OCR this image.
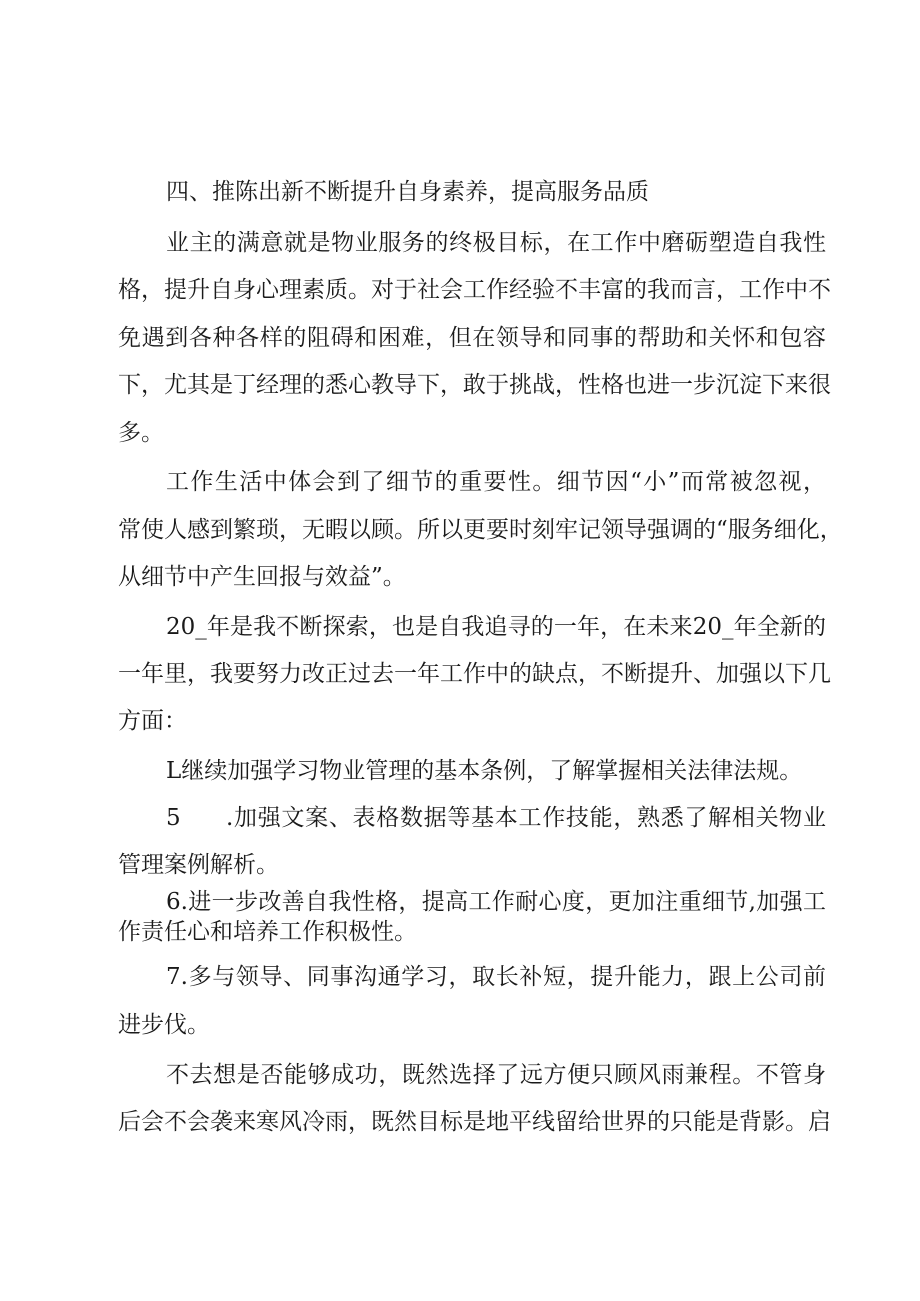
四、推陈出新不断提升自身素养，提高服务品质
业主的满意就是物业服务的终极目标，在工作中磨砺塑造自我性
格，提升自身心理素质。对于社会工作经验不丰富的我而言，工作中不
免遇到各种各样的阻碍和困难，但在领导和同事的帮助和关怀和包容
下，尤其是丁经理的悉心教导下，敢于挑战，性格也进一步沉淀下来很
多。
工作生活中体会到了细节的重要性。细节因“小”而常被忽视，
常使人感到繁琐，无暇以顾。所以更要时刻牢记领导强调的“服务细化，
从细节中产生回报与效益”。
20_年是我不断探索，也是自我追寻的一年，在未来20_年全新的
一年里，我要努力改正过去一年工作中的缺点，不断提升、加强以下几
方面：
L继续加强学习物业管理的基本条例，了解掌握相关法律法规。
5 .加强文案、表格数据等基本工作技能，熟悉了解相关物业
管理案例解析。
6.进一步改善自我性格，提高工作耐心度，更加注重细节,加强工
作责任心和培养工作积极性。
7.多与领导、同事沟通学习，取长补短，提升能力，跟上公司前
进步伐。
不去想是否能够成功，既然选择了远方便只顾风雨兼程。不管身
后会不会袭来寒风冷雨，既然目标是地平线留给世界的只能是背影。启
